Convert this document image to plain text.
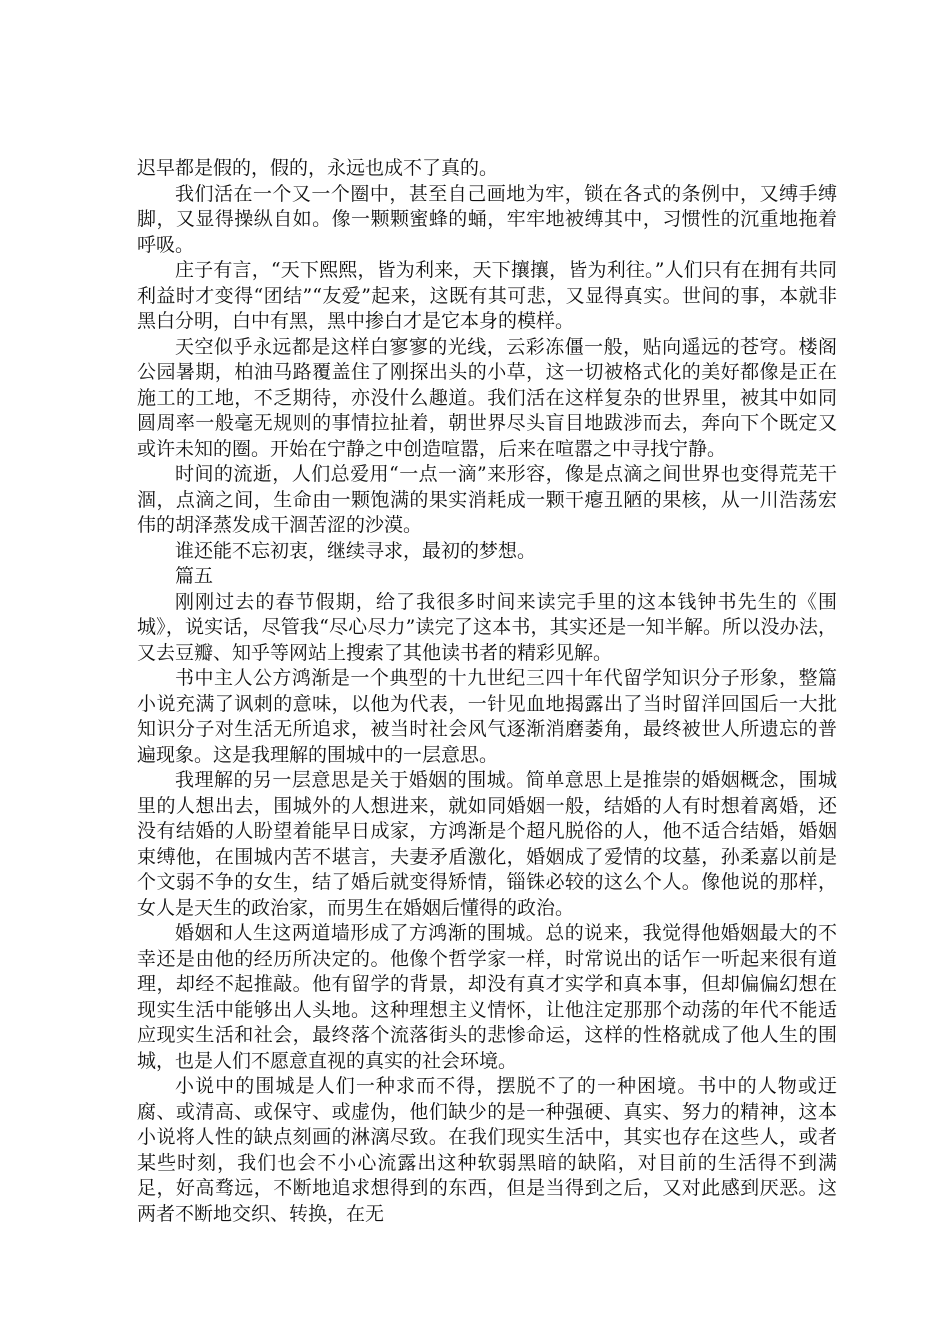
迟早都是假的，假的，永远也成不了真的。

我们活在一个又一个圈中，甚至自己画地为牢，锁在各式的条例中，又缚手缚脚，又显得操纵自如。像一颗颗蜜蜂的蛹，牢牢地被缚其中，习惯性的沉重地拖着呼吸。

庄子有言，“天下熙熙，皆为利来，天下攘攘，皆为利往。”人们只有在拥有共同利益时才变得“团结”“友爱”起来，这既有其可悲，又显得真实。世间的事，本就非黑白分明，白中有黑，黑中掺白才是它本身的模样。

天空似乎永远都是这样白寥寥的光线，云彩冻僵一般，贴向遥远的苍穹。楼阁公园暑期，柏油马路覆盖住了刚探出头的小草，这一切被格式化的美好都像是正在施工的工地，不乏期待，亦没什么趣道。我们活在这样复杂的世界里，被其中如同圆周率一般毫无规则的事情拉扯着，朝世界尽头盲目地跋涉而去，奔向下个既定又或许未知的圈。开始在宁静之中创造喧嚣，后来在喧嚣之中寻找宁静。

时间的流逝，人们总爱用“一点一滴”来形容，像是点滴之间世界也变得荒芜干涸，点滴之间，生命由一颗饱满的果实消耗成一颗干瘪丑陋的果核，从一川浩荡宏伟的胡泽蒸发成干涸苦涩的沙漠。

谁还能不忘初衷，继续寻求，最初的梦想。

篇五

刚刚过去的春节假期，给了我很多时间来读完手里的这本钱钟书先生的《围城》，说实话，尽管我“尽心尽力”读完了这本书，其实还是一知半解。所以没办法，又去豆瓣、知乎等网站上搜索了其他读书者的精彩见解。

书中主人公方鸿渐是一个典型的十九世纪三四十年代留学知识分子形象，整篇小说充满了讽刺的意味，以他为代表，一针见血地揭露出了当时留洋回国后一大批知识分子对生活无所追求，被当时社会风气逐渐消磨萎角，最终被世人所遗忘的普遍现象。这是我理解的围城中的一层意思。

我理解的另一层意思是关于婚姻的围城。简单意思上是推崇的婚姻概念，围城里的人想出去，围城外的人想进来，就如同婚姻一般，结婚的人有时想着离婚，还没有结婚的人盼望着能早日成家，方鸿渐是个超凡脱俗的人，他不适合结婚，婚姻束缚他，在围城内苦不堪言，夫妻矛盾激化，婚姻成了爱情的坟墓，孙柔嘉以前是个文弱不争的女生，结了婚后就变得矫情，锱铢必较的这么个人。像他说的那样，女人是天生的政治家，而男生在婚姻后懂得的政治。

婚姻和人生这两道墙形成了方鸿渐的围城。总的说来，我觉得他婚姻最大的不幸还是由他的经历所决定的。他像个哲学家一样，时常说出的话乍一听起来很有道理，却经不起推敲。他有留学的背景，却没有真才实学和真本事，但却偏偏幻想在现实生活中能够出人头地。这种理想主义情怀，让他注定那那个动荡的年代不能适应现实生活和社会，最终落个流落街头的悲惨命运，这样的性格就成了他人生的围城，也是人们不愿意直视的真实的社会环境。

小说中的围城是人们一种求而不得，摆脱不了的一种困境。书中的人物或迂腐、或清高、或保守、或虚伪，他们缺少的是一种强硬、真实、努力的精神，这本小说将人性的缺点刻画的淋漓尽致。在我们现实生活中，其实也存在这些人，或者某些时刻，我们也会不小心流露出这种软弱黑暗的缺陷，对目前的生活得不到满足，好高骛远，不断地追求想得到的东西，但是当得到之后，又对此感到厌恶。这两者不断地交织、转换，在无
